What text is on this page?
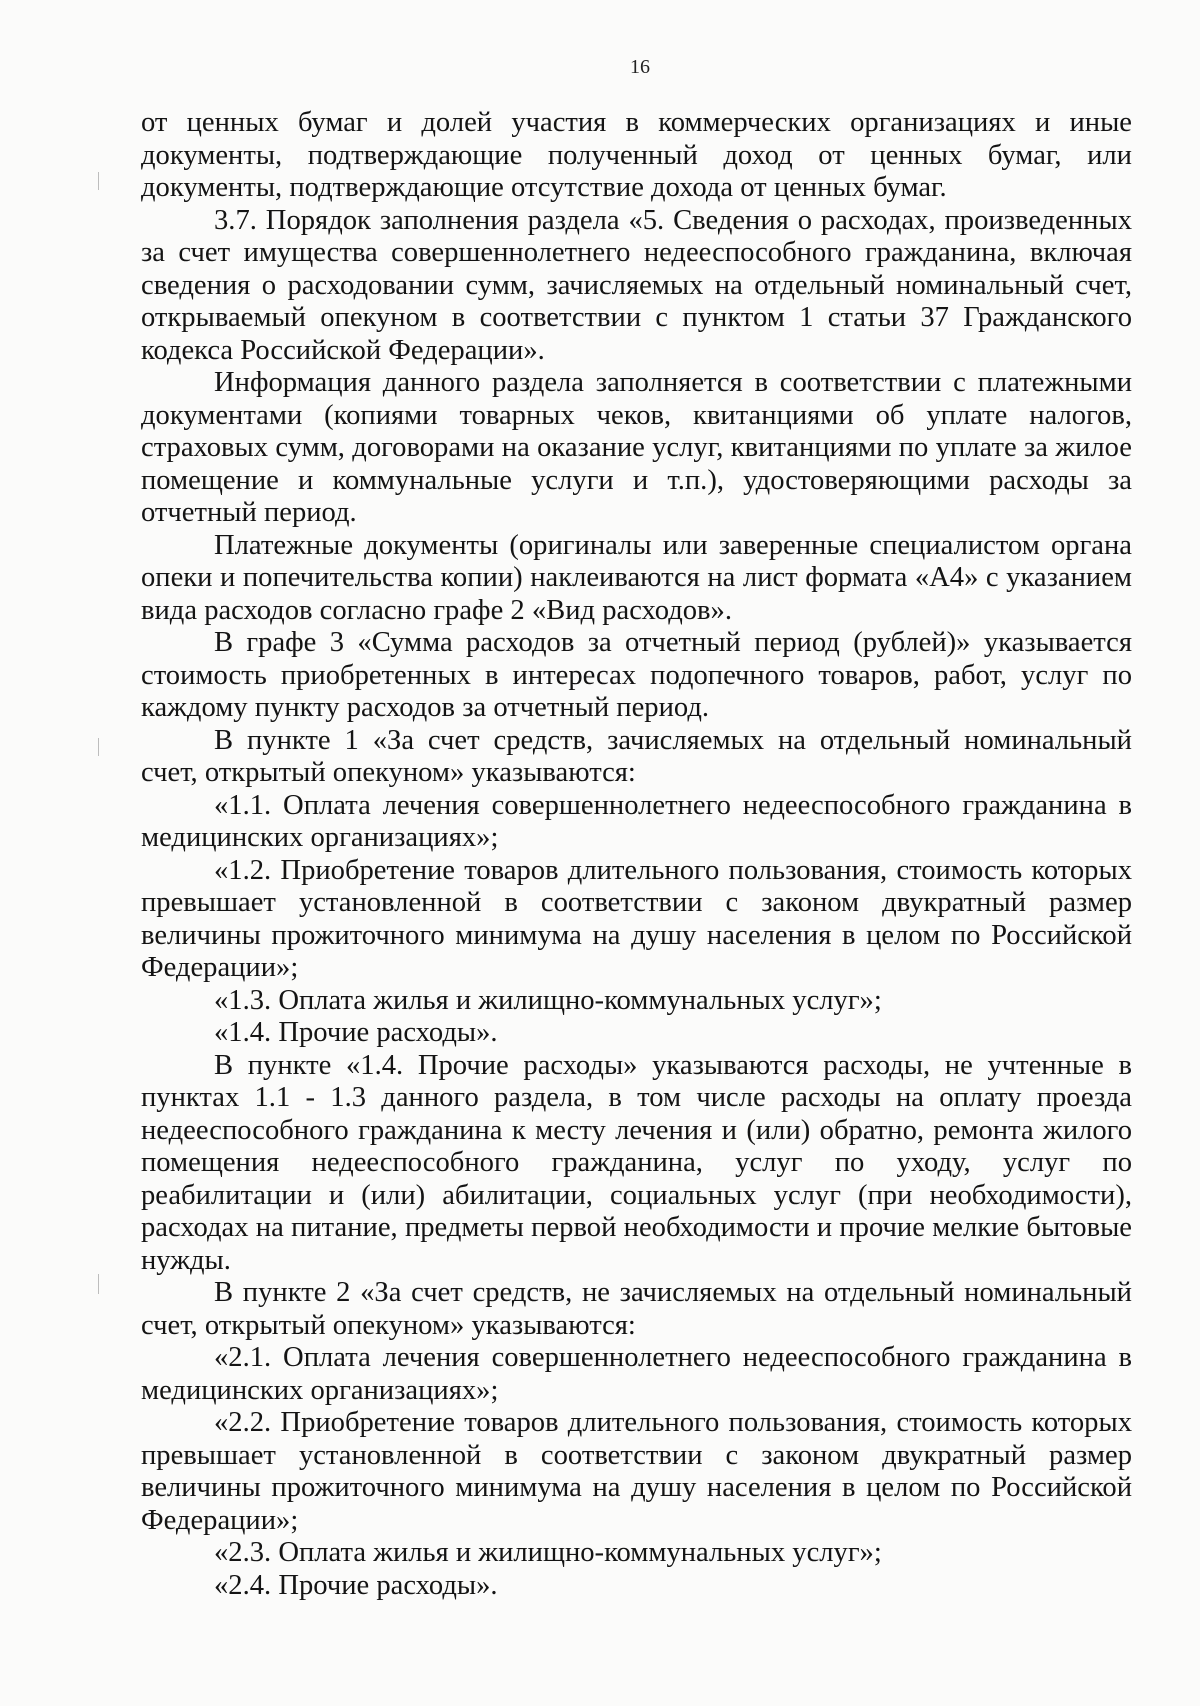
16

от ценных бумаг и долей участия в коммерческих организациях и иные документы, подтверждающие полученный доход от ценных бумаг, или документы, подтверждающие отсутствие дохода от ценных бумаг.

3.7. Порядок заполнения раздела «5. Сведения о расходах, произведенных за счет имущества совершеннолетнего недееспособного гражданина, включая сведения о расходовании сумм, зачисляемых на отдельный номинальный счет, открываемый опекуном в соответствии с пунктом 1 статьи 37 Гражданского кодекса Российской Федерации».

Информация данного раздела заполняется в соответствии с платежными документами (копиями товарных чеков, квитанциями об уплате налогов, страховых сумм, договорами на оказание услуг, квитанциями по уплате за жилое помещение и коммунальные услуги и т.п.), удостоверяющими расходы за отчетный период.

Платежные документы (оригиналы или заверенные специалистом органа опеки и попечительства копии) наклеиваются на лист формата «А4» с указанием вида расходов согласно графе 2 «Вид расходов».

В графе 3 «Сумма расходов за отчетный период (рублей)» указывается стоимость приобретенных в интересах подопечного товаров, работ, услуг по каждому пункту расходов за отчетный период.

В пункте 1 «За счет средств, зачисляемых на отдельный номинальный счет, открытый опекуном» указываются:

«1.1. Оплата лечения совершеннолетнего недееспособного гражданина в медицинских организациях»;

«1.2. Приобретение товаров длительного пользования, стоимость которых превышает установленной в соответствии с законом двукратный размер величины прожиточного минимума на душу населения в целом по Российской Федерации»;

«1.3. Оплата жилья и жилищно-коммунальных услуг»;

«1.4. Прочие расходы».

В пункте «1.4. Прочие расходы» указываются расходы, не учтенные в пунктах 1.1 - 1.3 данного раздела, в том числе расходы на оплату проезда недееспособного гражданина к месту лечения и (или) обратно, ремонта жилого помещения недееспособного гражданина, услуг по уходу, услуг по реабилитации и (или) абилитации, социальных услуг (при необходимости), расходах на питание, предметы первой необходимости и прочие мелкие бытовые нужды.

В пункте 2 «За счет средств, не зачисляемых на отдельный номинальный счет, открытый опекуном» указываются:

«2.1. Оплата лечения совершеннолетнего недееспособного гражданина в медицинских организациях»;

«2.2. Приобретение товаров длительного пользования, стоимость которых превышает установленной в соответствии с законом двукратный размер величины прожиточного минимума на душу населения в целом по Российской Федерации»;

«2.3. Оплата жилья и жилищно-коммунальных услуг»;

«2.4. Прочие расходы».
